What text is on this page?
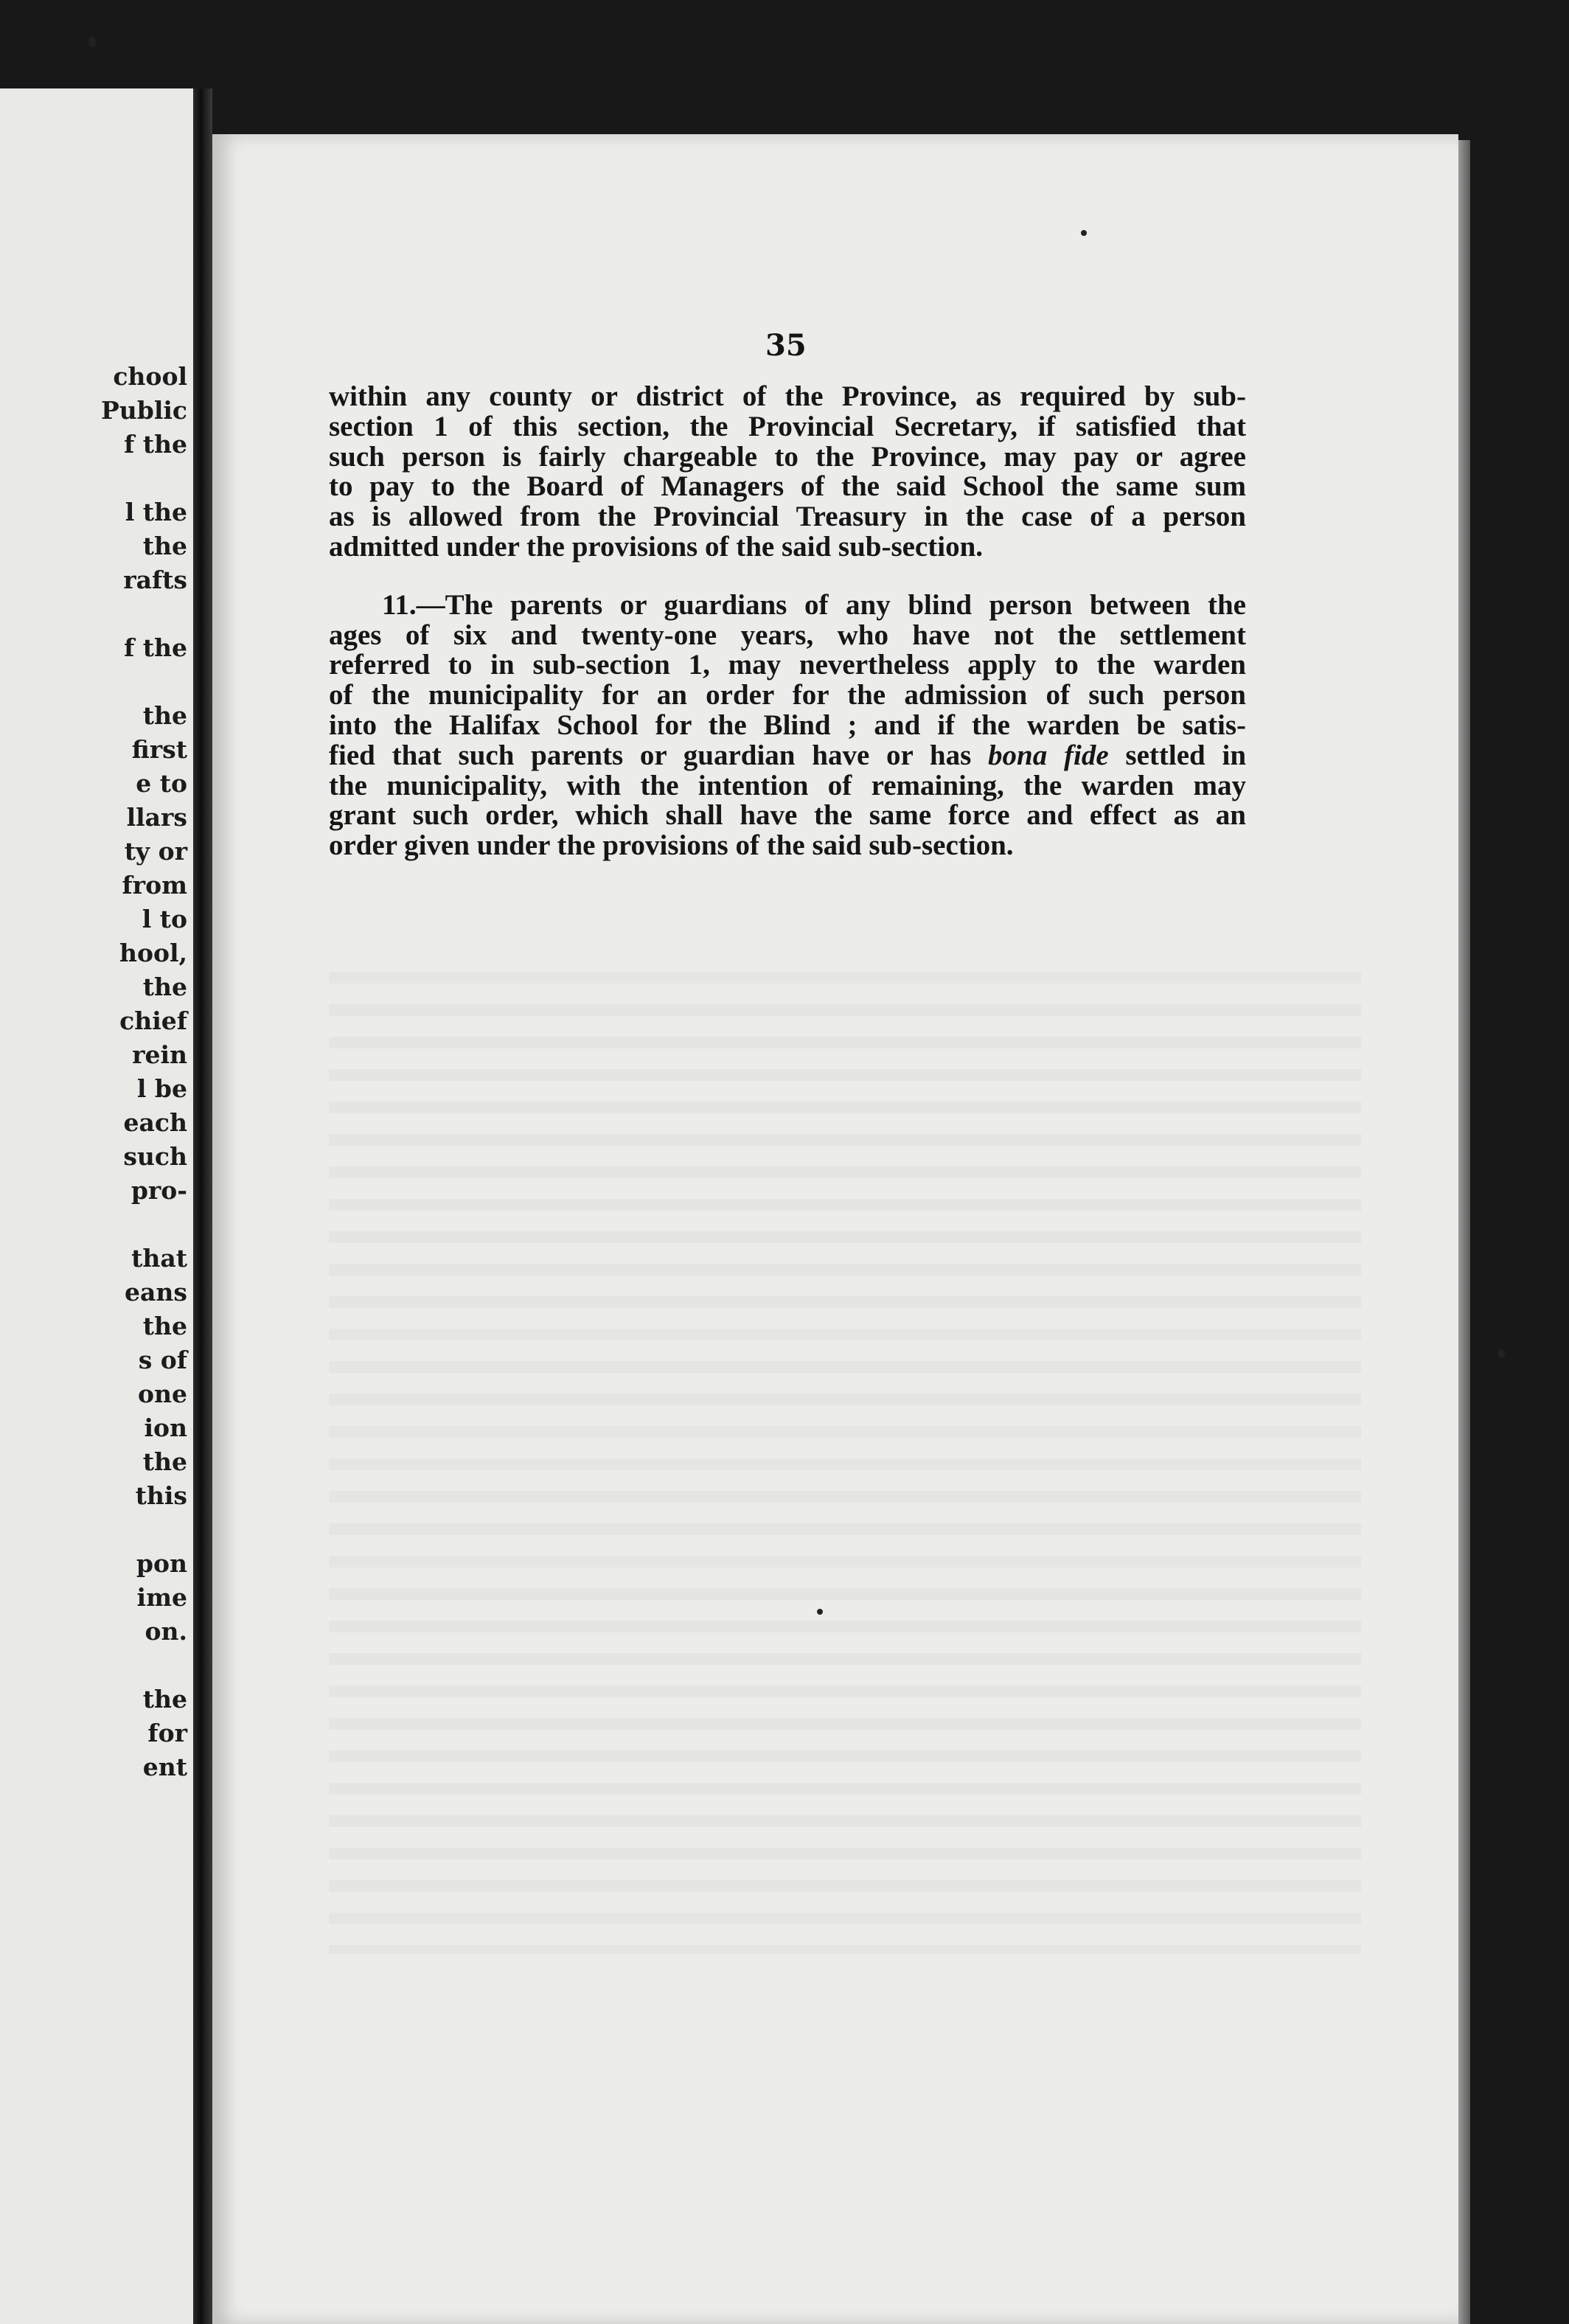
chool
Public
f the
l the
the
rafts
f the
the
first
e to
llars
ty or
from
l to
hool,
the
chief
rein
l be
each
such
pro-
that
eans
the
s of
one
ion
the
this
pon
ime
on.
the
for
ent
35
within any county or district of the Province, as required by sub-
section 1 of this section, the Provincial Secretary, if satisfied that
such person is fairly chargeable to the Province, may pay or agree
to pay to the Board of Managers of the said School the same sum
as is allowed from the Provincial Treasury in the case of a person
admitted under the provisions of the said sub-section.
11.—The parents or guardians of any blind person between the
ages of six and twenty-one years, who have not the settlement
referred to in sub-section 1, may nevertheless apply to the warden
of the municipality for an order for the admission of such person
into the Halifax School for the Blind ; and if the warden be satis-
fied that such parents or guardian have or has bona fide settled in
the municipality, with the intention of remaining, the warden may
grant such order, which shall have the same force and effect as an
order given under the provisions of the said sub-section.
